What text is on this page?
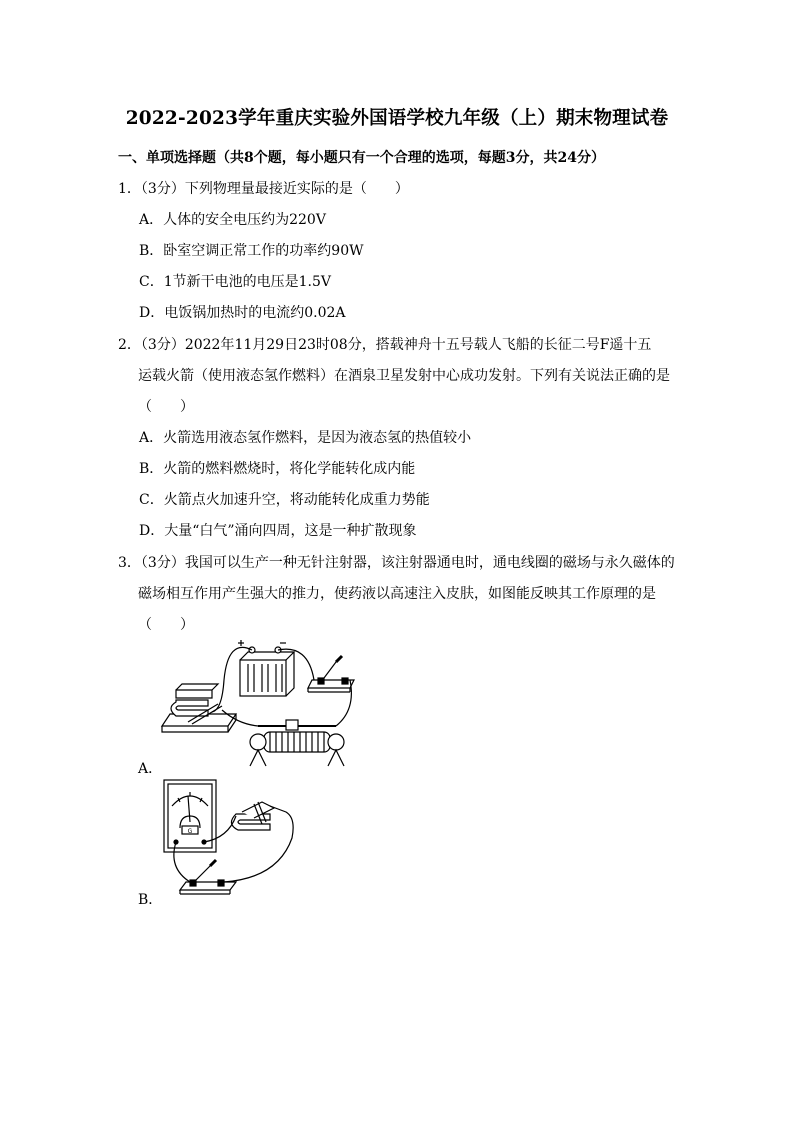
2022-2023学年重庆实验外国语学校九年级（上）期末物理试卷
一、单项选择题（共8个题，每小题只有一个合理的选项，每题3分，共24分）
1．（3分）下列物理量最接近实际的是（　　）
A．人体的安全电压约为220V
B．卧室空调正常工作的功率约90W
C．1节新干电池的电压是1.5V
D．电饭锅加热时的电流约0.02A
2．（3分）2022年11月29日23时08分，搭载神舟十五号载人飞船的长征二号F遥十五
运载火箭（使用液态氢作燃料）在酒泉卫星发射中心成功发射。下列有关说法正确的是
（　　）
A．火箭选用液态氢作燃料，是因为液态氢的热值较小
B．火箭的燃料燃烧时，将化学能转化成内能
C．火箭点火加速升空，将动能转化成重力势能
D．大量“白气”涌向四周，这是一种扩散现象
3．（3分）我国可以生产一种无针注射器，该注射器通电时，通电线圈的磁场与永久磁体的
磁场相互作用产生强大的推力，使药液以高速注入皮肤，如图能反映其工作原理的是
（　　）
A．
G
B．
